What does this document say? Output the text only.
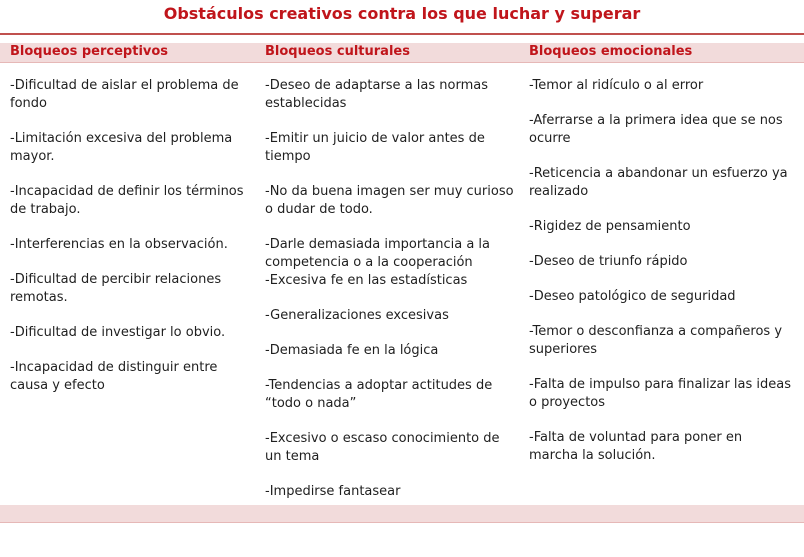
Obstáculos creativos contra los que luchar y superar
Bloqueos perceptivos	Bloqueos culturales	Bloqueos emocionales
-Dificultad de aislar el problema de fondo
-Limitación excesiva del problema mayor.
-Incapacidad de definir los términos de trabajo.
-Interferencias en la observación.
-Dificultad de percibir relaciones remotas.
-Dificultad de investigar lo obvio.
-Incapacidad de distinguir entre causa y efecto
-Deseo de adaptarse a las normas establecidas
-Emitir un juicio de valor antes de tiempo
-No da buena imagen ser muy curioso o dudar de todo.
-Darle demasiada importancia a la competencia o a la cooperación
-Excesiva fe en las estadísticas
-Generalizaciones excesivas
-Demasiada fe en la lógica
-Tendencias a adoptar actitudes de “todo o nada”
-Excesivo o escaso conocimiento de un tema
-Impedirse fantasear
-Temor al ridículo o al error
-Aferrarse a la primera idea que se nos ocurre
-Reticencia a abandonar un esfuerzo ya realizado
-Rigidez de pensamiento
-Deseo de triunfo rápido
-Deseo patológico de seguridad
-Temor o desconfianza a compañeros y superiores
-Falta de impulso para finalizar las ideas o proyectos
-Falta de voluntad para poner en marcha la solución.
